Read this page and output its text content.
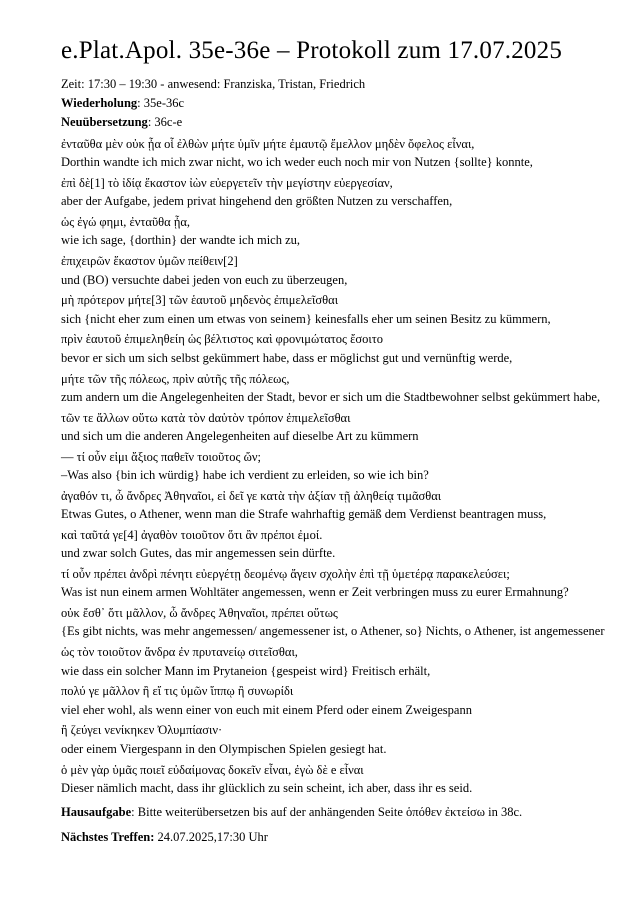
e.Plat.Apol. 35e-36e – Protokoll zum 17.07.2025

Zeit: 17:30 – 19:30 - anwesend: Franziska, Tristan, Friedrich

Wiederholung: 35e-36c

Neuübersetzung: 36c-e

ἐνταῦθα μὲν οὐκ ᾖα οἷ ἐλθὼν μήτε ὑμῖν μήτε ἐμαυτῷ ἔμελλον μηδὲν ὄφελος εἶναι,

Dorthin wandte ich mich zwar nicht, wo ich weder euch noch mir von Nutzen {sollte} konnte,

ἐπὶ δὲ[1] τὸ ἰδίᾳ ἕκαστον ἰὼν εὐεργετεῖν τὴν μεγίστην εὐεργεσίαν,

aber der Aufgabe, jedem privat hingehend den größten Nutzen zu verschaffen,

ὡς ἐγώ φημι, ἐνταῦθα ᾖα,

wie ich sage, {dorthin} der wandte ich mich zu,

ἐπιχειρῶν ἕκαστον ὑμῶν πείθειν[2]

und (BO) versuchte dabei jeden von euch zu überzeugen,

μὴ πρότερον μήτε[3] τῶν ἑαυτοῦ μηδενὸς ἐπιμελεῖσθαι

sich {nicht eher zum einen um etwas von seinem} keinesfalls eher um seinen Besitz zu kümmern,

πρὶν ἑαυτοῦ ἐπιμεληθείη ὡς βέλτιστος καὶ φρονιμώτατος ἔσοιτο

bevor er sich um sich selbst gekümmert habe, dass er möglichst gut und vernünftig werde,

μήτε τῶν τῆς πόλεως, πρὶν αὐτῆς τῆς πόλεως,

zum andern um die Angelegenheiten der Stadt, bevor er sich um die Stadtbewohner selbst gekümmert habe,

τῶν τε ἄλλων οὕτω κατὰ τὸν dαὑτὸν τρόπον ἐπιμελεῖσθαι

und sich um die anderen Angelegenheiten auf dieselbe Art zu kümmern

— τί οὖν εἰμι ἄξιος παθεῖν τοιοῦτος ὤν;

–Was also {bin ich würdig} habe ich verdient zu erleiden, so wie ich bin?

ἀγαθόν τι, ὦ ἄνδρες Ἀθηναῖοι, εἰ δεῖ γε κατὰ τὴν ἀξίαν τῇ ἀληθείᾳ τιμᾶσθαι

Etwas Gutes, o Athener, wenn man die Strafe wahrhaftig gemäß dem Verdienst beantragen muss,

καὶ ταῦτά γε[4] ἀγαθὸν τοιοῦτον ὅτι ἂν πρέποι ἐμοί.

und zwar solch Gutes, das mir angemessen sein dürfte.

τί οὖν πρέπει ἀνδρὶ πένητι εὐεργέτῃ δεομένῳ ἄγειν σχολὴν ἐπὶ τῇ ὑμετέρᾳ παρακελεύσει;

Was ist nun einem armen Wohltäter angemessen, wenn er Zeit verbringen muss zu eurer Ermahnung?

οὐκ ἔσθ᾽ ὅτι μᾶλλον, ὦ ἄνδρες Ἀθηναῖοι, πρέπει οὕτως

{Es gibt nichts, was mehr angemessen/ angemessener ist, o Athener, so} Nichts, o Athener, ist angemessener

ὡς τὸν τοιοῦτον ἄνδρα ἐν πρυτανείῳ σιτεῖσθαι,

wie dass ein solcher Mann im Prytaneion {gespeist wird} Freitisch erhält,

πολύ γε μᾶλλον ἢ εἴ τις ὑμῶν ἵππῳ ἢ συνωρίδι

viel eher wohl, als wenn einer von euch mit einem Pferd oder einem Zweigespann

ἢ ζεύγει νενίκηκεν Ὀλυμπίασιν·

oder einem Viergespann in den Olympischen Spielen gesiegt hat.

ὁ μὲν γὰρ ὑμᾶς ποιεῖ εὐδαίμονας δοκεῖν εἶναι, ἐγὼ δὲ e εἶναι

Dieser nämlich macht, dass ihr glücklich zu sein scheint, ich aber, dass ihr es seid.

Hausaufgabe: Bitte weiterübersetzen bis auf der anhängenden Seite ὁπόθεν ἐκτείσω in 38c.

Nächstes Treffen: 24.07.2025,17:30 Uhr
